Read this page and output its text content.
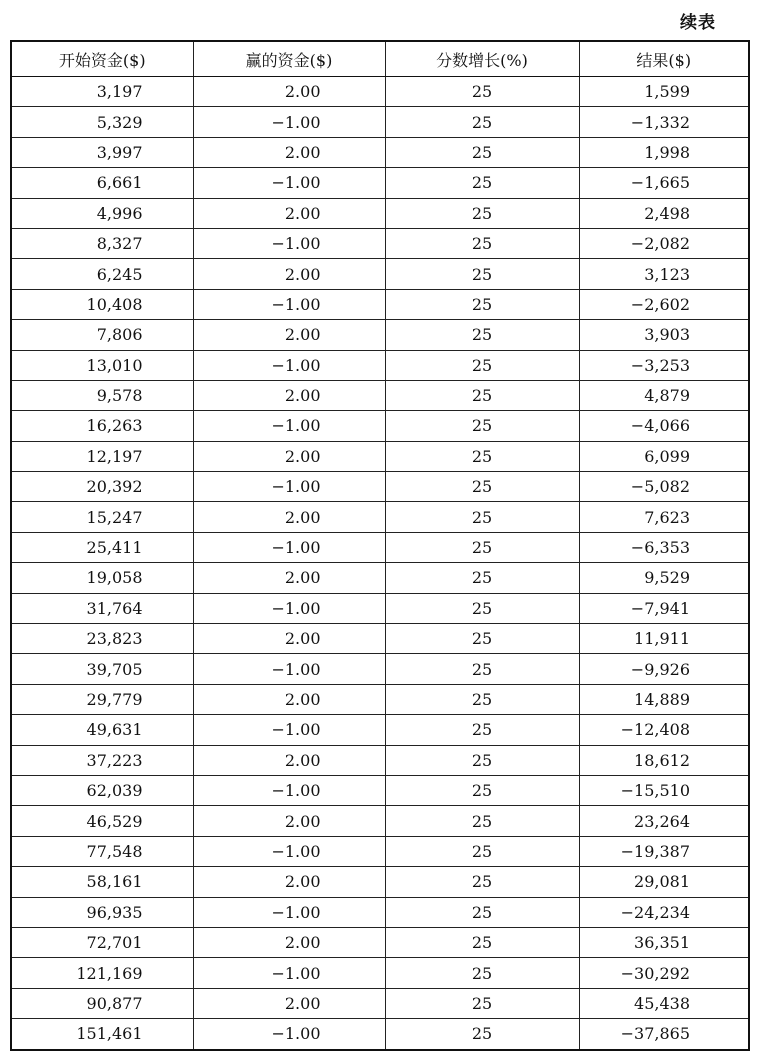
续表
开始资金($)	赢的资金($)	分数增长(%)	结果($)
3,197	2.00	25	1,599
5,329	−1.00	25	−1,332
3,997	2.00	25	1,998
6,661	−1.00	25	−1,665
4,996	2.00	25	2,498
8,327	−1.00	25	−2,082
6,245	2.00	25	3,123
10,408	−1.00	25	−2,602
7,806	2.00	25	3,903
13,010	−1.00	25	−3,253
9,578	2.00	25	4,879
16,263	−1.00	25	−4,066
12,197	2.00	25	6,099
20,392	−1.00	25	−5,082
15,247	2.00	25	7,623
25,411	−1.00	25	−6,353
19,058	2.00	25	9,529
31,764	−1.00	25	−7,941
23,823	2.00	25	11,911
39,705	−1.00	25	−9,926
29,779	2.00	25	14,889
49,631	−1.00	25	−12,408
37,223	2.00	25	18,612
62,039	−1.00	25	−15,510
46,529	2.00	25	23,264
77,548	−1.00	25	−19,387
58,161	2.00	25	29,081
96,935	−1.00	25	−24,234
72,701	2.00	25	36,351
121,169	−1.00	25	−30,292
90,877	2.00	25	45,438
151,461	−1.00	25	−37,865
